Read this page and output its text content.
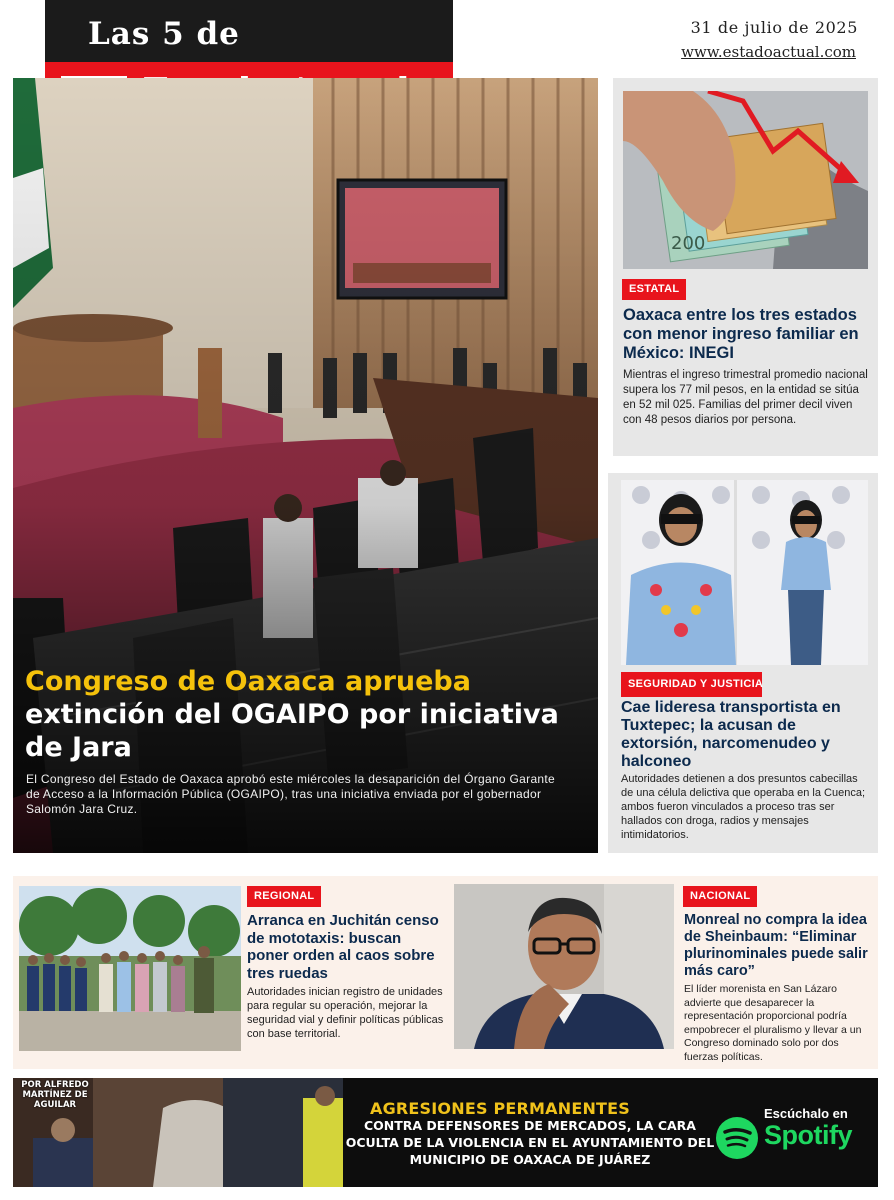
Las 5 de	31 de julio de 2025
www.estadoactual.com
Congreso de Oaxaca aprueba
extinción del OGAIPO por iniciativa de Jara
El Congreso del Estado de Oaxaca aprobó este miércoles la desaparición del Órgano Garante de Acceso a la Información Pública (OGAIPO), tras una iniciativa enviada por el gobernador Salomón Jara Cruz.
200
ESTATAL
Oaxaca entre los tres estados con menor ingreso familiar en México: INEGI
Mientras el ingreso trimestral promedio nacional supera los 77 mil pesos, en la entidad se sitúa en 52 mil 025. Familias del primer decil viven con 48 pesos diarios por persona.
SEGURIDAD Y JUSTICIA
Cae lideresa transportista en Tuxtepec; la acusan de extorsión, narcomenudeo y halconeo
Autoridades detienen a dos presuntos cabecillas de una célula delictiva que operaba en la Cuenca; ambos fueron vinculados a proceso tras ser hallados con droga, radios y mensajes intimidatorios.
REGIONAL
Arranca en Juchitán censo de mototaxis: buscan poner orden al caos sobre tres ruedas
Autoridades inician registro de unidades para regular su operación, mejorar la seguridad vial y definir políticas públicas con base territorial.
NACIONAL
Monreal no compra la idea de Sheinbaum: “Eliminar plurinominales puede salir más caro”
El líder morenista en San Lázaro advierte que desaparecer la representación proporcional podría empobrecer el pluralismo y llevar a un Congreso dominado solo por dos fuerzas políticas.
POR ALFREDO MARTÍNEZ DE AGUILAR	AGRESIONES PERMANENTES
CONTRA DEFENSORES DE MERCADOS, LA CARA OCULTA DE LA VIOLENCIA EN EL AYUNTAMIENTO DEL MUNICIPIO DE OAXACA DE JUÁREZ
Escúchalo en
Spotify
